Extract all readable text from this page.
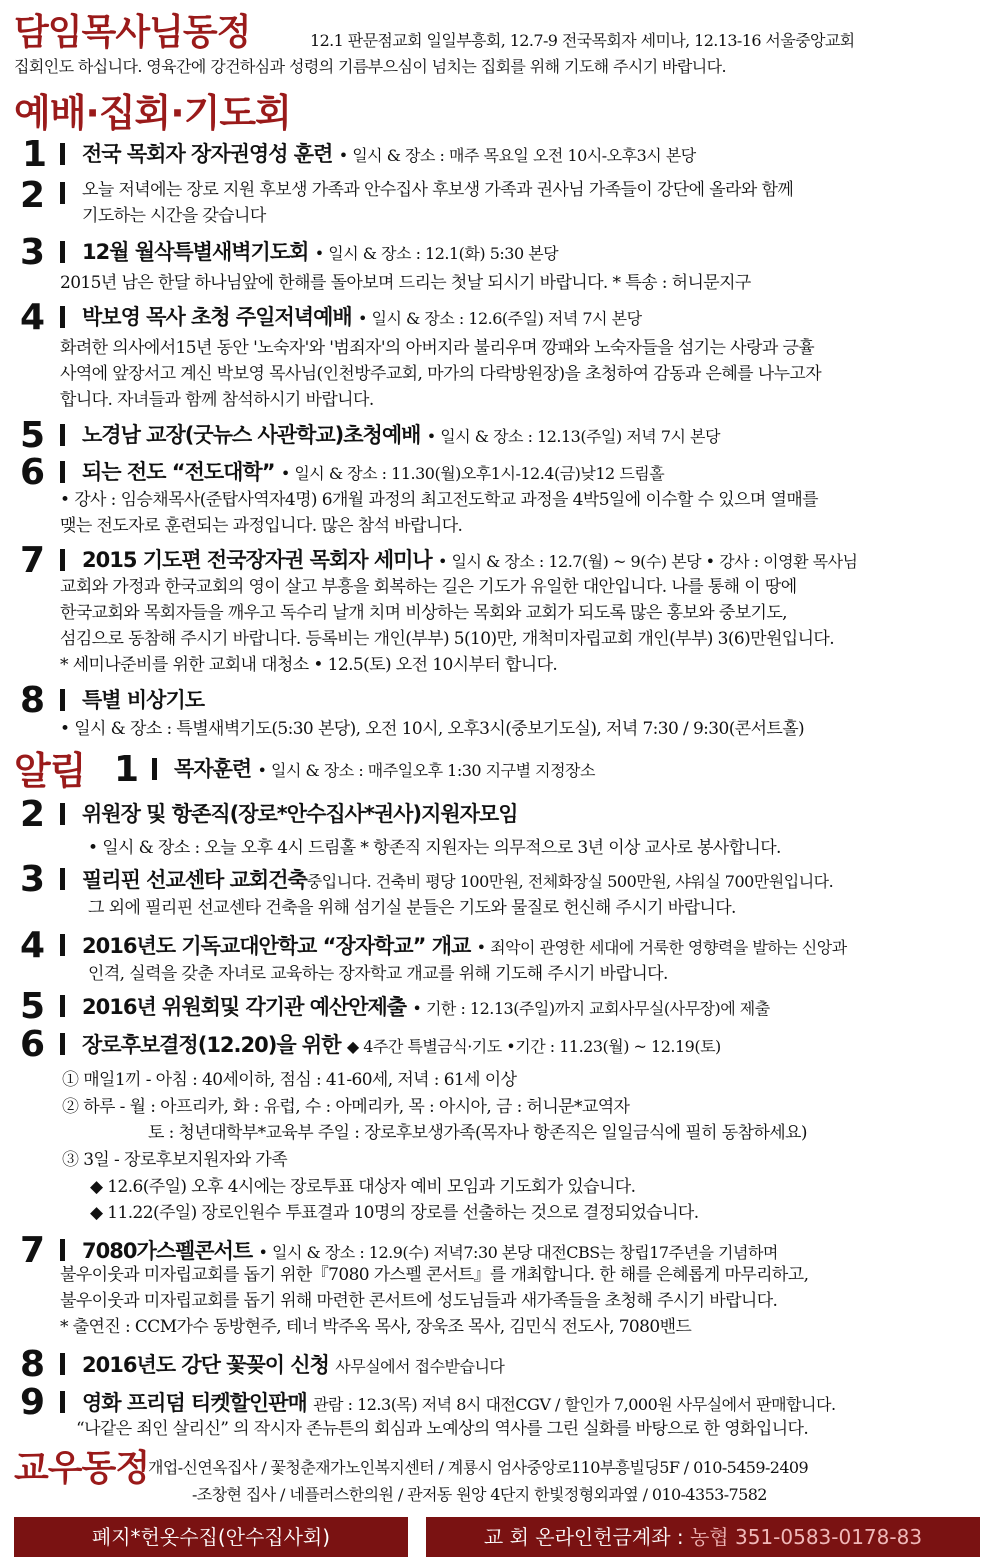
담임목사님동정	12.1 판문점교회 일일부흥회, 12.7-9 전국목회자 세미나, 12.13-16 서울중앙교회
집회인도 하십니다. 영육간에 강건하심과 성령의 기름부으심이 넘치는 집회를 위해 기도해 주시기 바랍니다.
예배·집회·기도회
1 전국 목회자 장자권영성 훈련 • 일시 & 장소 : 매주 목요일 오전 10시-오후3시 본당
2 오늘 저녁에는 장로 지원 후보생 가족과 안수집사 후보생 가족과 권사님 가족들이 강단에 올라와 함께
기도하는 시간을 갖습니다
3 12월 월삭특별새벽기도회 • 일시 & 장소 : 12.1(화) 5:30 본당
2015년 남은 한달 하나님앞에 한해를 돌아보며 드리는 첫날 되시기 바랍니다. * 특송 : 허니문지구
4 박보영 목사 초청 주일저녁예배 • 일시 & 장소 : 12.6(주일) 저녁 7시 본당
화려한 의사에서15년 동안 '노숙자'와 '범죄자'의 아버지라 불리우며 깡패와 노숙자들을 섬기는 사랑과 긍휼
사역에 앞장서고 계신 박보영 목사님(인천방주교회, 마가의 다락방원장)을 초청하여 감동과 은혜를 나누고자
합니다. 자녀들과 함께 참석하시기 바랍니다.
5 노경남 교장(굿뉴스 사관학교)초청예배 • 일시 & 장소 : 12.13(주일) 저녁 7시 본당
6 되는 전도 “전도대학” • 일시 & 장소 : 11.30(월)오후1시-12.4(금)낮12 드림홀
• 강사 : 임승채목사(준탑사역자4명) 6개월 과정의 최고전도학교 과정을 4박5일에 이수할 수 있으며 열매를
맺는 전도자로 훈련되는 과정입니다. 많은 참석 바랍니다.
7 2015 기도편 전국장자권 목회자 세미나 • 일시 & 장소 : 12.7(월) ~ 9(수) 본당 • 강사 : 이영환 목사님
교회와 가정과 한국교회의 영이 살고 부흥을 회복하는 길은 기도가 유일한 대안입니다. 나를 통해 이 땅에
한국교회와 목회자들을 깨우고 독수리 날개 치며 비상하는 목회와 교회가 되도록 많은 홍보와 중보기도,
섬김으로 동참해 주시기 바랍니다. 등록비는 개인(부부) 5(10)만, 개척미자립교회 개인(부부) 3(6)만원입니다.
* 세미나준비를 위한 교회내 대청소 • 12.5(토) 오전 10시부터 합니다.
8 특별 비상기도
• 일시 & 장소 : 특별새벽기도(5:30 본당), 오전 10시, 오후3시(중보기도실), 저녁 7:30 / 9:30(콘서트홀)
알림 1 목자훈련 • 일시 & 장소 : 매주일오후 1:30 지구별 지정장소
2 위원장 및 항존직(장로*안수집사*권사)지원자모임
• 일시 & 장소 : 오늘 오후 4시 드림홀 * 항존직 지원자는 의무적으로 3년 이상 교사로 봉사합니다.
3 필리핀 선교센타 교회건축중입니다. 건축비 평당 100만원, 전체화장실 500만원, 샤워실 700만원입니다.
그 외에 필리핀 선교센타 건축을 위해 섬기실 분들은 기도와 물질로 헌신해 주시기 바랍니다.
4 2016년도 기독교대안학교 “장자학교” 개교 • 죄악이 관영한 세대에 거룩한 영향력을 발하는 신앙과
인격, 실력을 갖춘 자녀로 교육하는 장자학교 개교를 위해 기도해 주시기 바랍니다.
5 2016년 위원회및 각기관 예산안제출 • 기한 : 12.13(주일)까지 교회사무실(사무장)에 제출
6 장로후보결정(12.20)을 위한 ◆ 4주간 특별금식·기도 •기간 : 11.23(월) ~ 12.19(토)
① 매일1끼 - 아침 : 40세이하, 점심 : 41-60세, 저녁 : 61세 이상
② 하루 - 월 : 아프리카, 화 : 유럽, 수 : 아메리카, 목 : 아시아, 금 : 허니문*교역자
토 : 청년대학부*교육부 주일 : 장로후보생가족(목자나 항존직은 일일금식에 필히 동참하세요)
③ 3일 - 장로후보지원자와 가족
◆ 12.6(주일) 오후 4시에는 장로투표 대상자 예비 모임과 기도회가 있습니다.
◆ 11.22(주일) 장로인원수 투표결과 10명의 장로를 선출하는 것으로 결정되었습니다.
7 7080가스펠콘서트 • 일시 & 장소 : 12.9(수) 저녁7:30 본당 대전CBS는 창립17주년을 기념하며
불우이웃과 미자립교회를 돕기 위한『7080 가스펠 콘서트』를 개최합니다. 한 해를 은혜롭게 마무리하고,
불우이웃과 미자립교회를 돕기 위해 마련한 콘서트에 성도님들과 새가족들을 초청해 주시기 바랍니다.
* 출연진 : CCM가수 동방현주, 테너 박주옥 목사, 장욱조 목사, 김민식 전도사, 7080밴드
8 2016년도 강단 꽃꽂이 신청 사무실에서 접수받습니다
9 영화 프리덤 티켓할인판매 관람 : 12.3(목) 저녁 8시 대전CGV / 할인가 7,000원 사무실에서 판매합니다.
“나같은 죄인 살리신” 의 작시자 존뉴튼의 회심과 노예상의 역사를 그린 실화를 바탕으로 한 영화입니다.
교우동정
개업-신연옥집사 / 꽃청춘재가노인복지센터 / 계룡시 엄사중앙로110부흥빌딩5F / 010-5459-2409
-조창현 집사 / 네플러스한의원 / 관저동 원앙 4단지 한빛정형외과옆 / 010-4353-7582
폐지*헌옷수집(안수집사회)	교 회 온라인헌금계좌 : 농협 351-0583-0178-83
